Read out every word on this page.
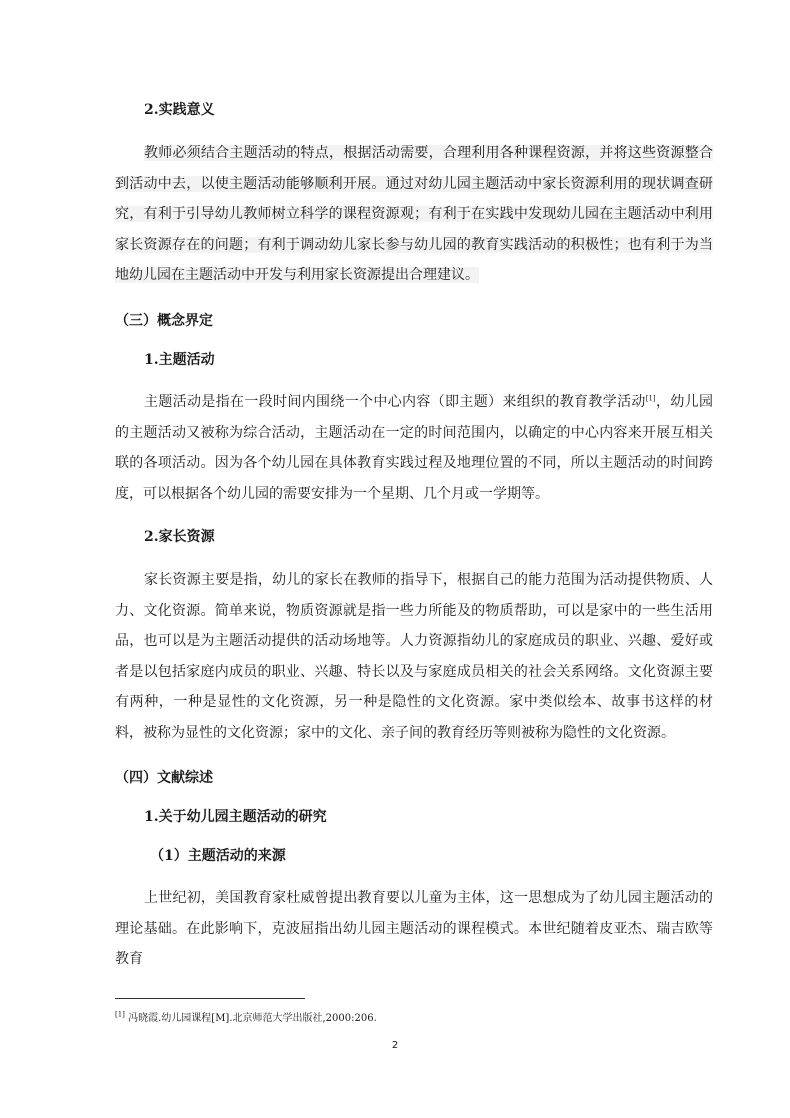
2.实践意义
教师必须结合主题活动的特点，根据活动需要，合理利用各种课程资源，并将这些资源整合到活动中去，以使主题活动能够顺利开展。通过对幼儿园主题活动中家长资源利用的现状调查研究，有利于引导幼儿教师树立科学的课程资源观；有利于在实践中发现幼儿园在主题活动中利用家长资源存在的问题；有利于调动幼儿家长参与幼儿园的教育实践活动的积极性；也有利于为当地幼儿园在主题活动中开发与利用家长资源提出合理建议。
（三）概念界定
1.主题活动
主题活动是指在一段时间内围绕一个中心内容（即主题）来组织的教育教学活动[1]，幼儿园的主题活动又被称为综合活动，主题活动在一定的时间范围内，以确定的中心内容来开展互相关联的各项活动。因为各个幼儿园在具体教育实践过程及地理位置的不同，所以主题活动的时间跨度，可以根据各个幼儿园的需要安排为一个星期、几个月或一学期等。
2.家长资源
家长资源主要是指，幼儿的家长在教师的指导下，根据自己的能力范围为活动提供物质、人力、文化资源。简单来说，物质资源就是指一些力所能及的物质帮助，可以是家中的一些生活用品，也可以是为主题活动提供的活动场地等。人力资源指幼儿的家庭成员的职业、兴趣、爱好或者是以包括家庭内成员的职业、兴趣、特长以及与家庭成员相关的社会关系网络。文化资源主要有两种，一种是显性的文化资源，另一种是隐性的文化资源。家中类似绘本、故事书这样的材料，被称为显性的文化资源；家中的文化、亲子间的教育经历等则被称为隐性的文化资源。
（四）文献综述
1.关于幼儿园主题活动的研究
（1）主题活动的来源
上世纪初，美国教育家杜威曾提出教育要以儿童为主体，这一思想成为了幼儿园主题活动的理论基础。在此影响下，克波屈指出幼儿园主题活动的课程模式。本世纪随着皮亚杰、瑞吉欧等教育
[1] 冯晓霞.幼儿园课程[M].北京师范大学出版社,2000:206.
2
